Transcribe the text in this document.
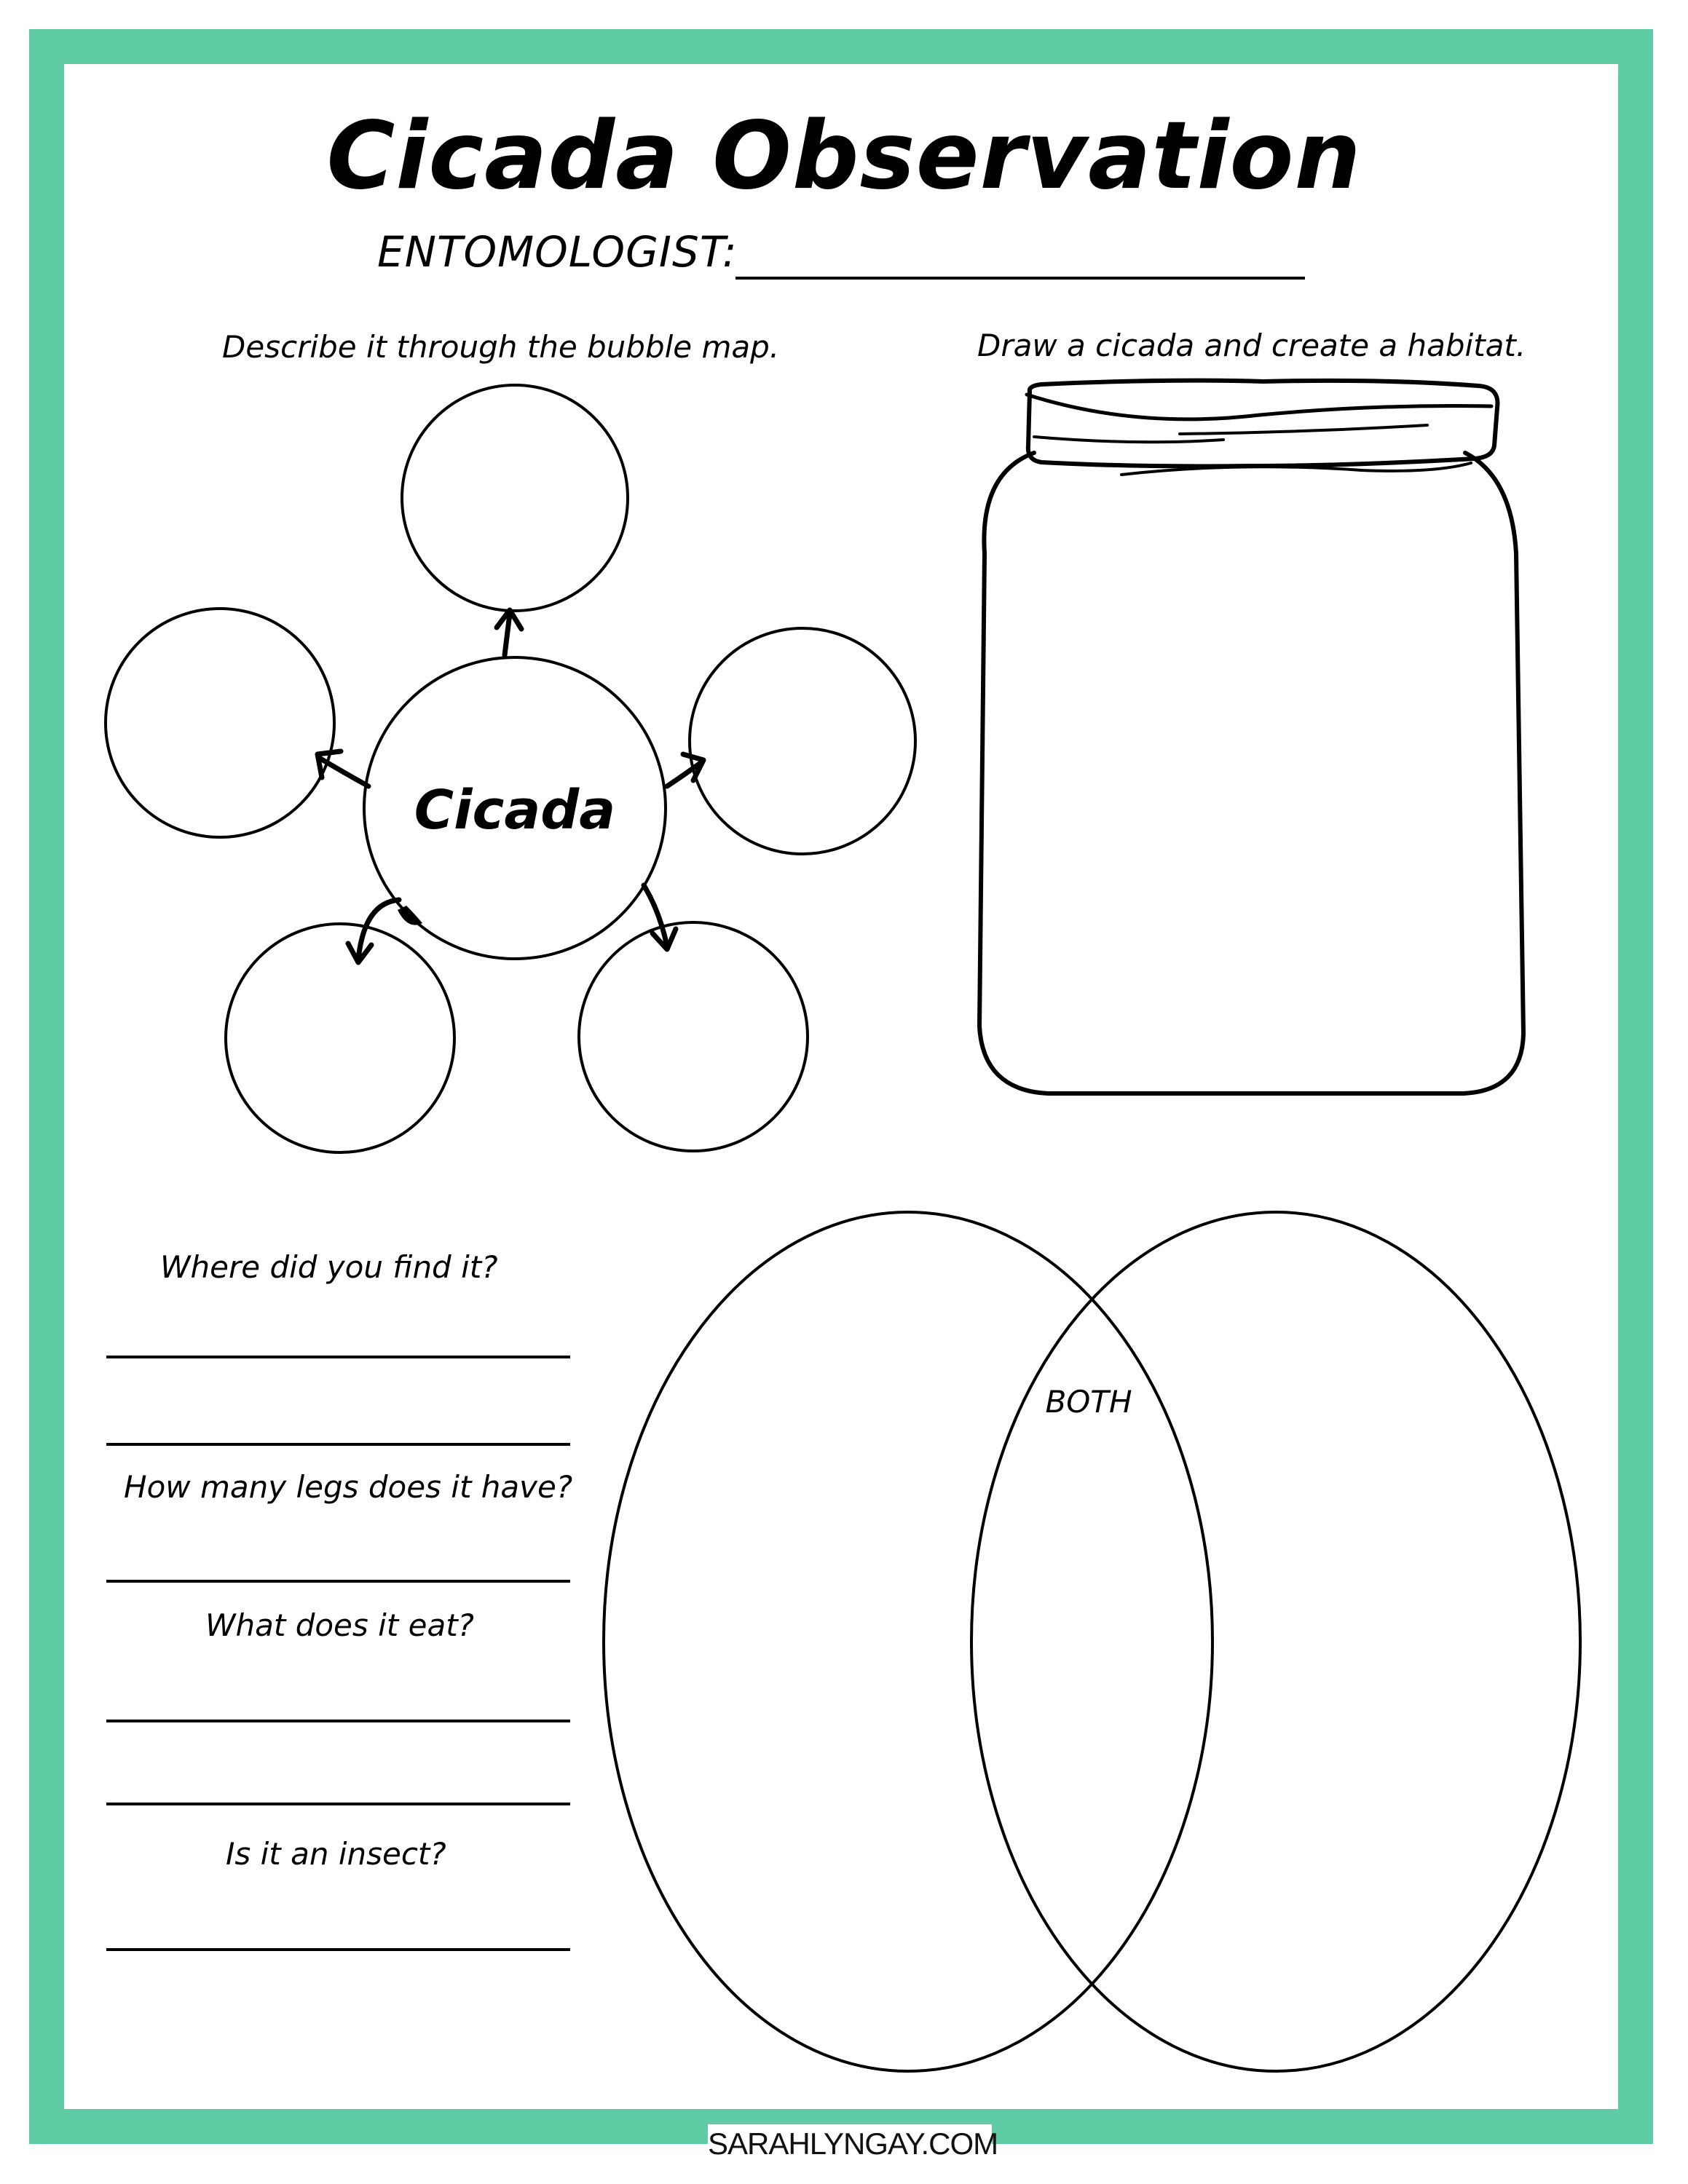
Cicada Observation
ENTOMOLOGIST:
Describe it through the bubble map.	Draw a cicada and create a habitat.
Cicada
BOTH
Where did you find it?
How many legs does it have?
What does it eat?
Is it an insect?
SARAHLYNGAY.COM
